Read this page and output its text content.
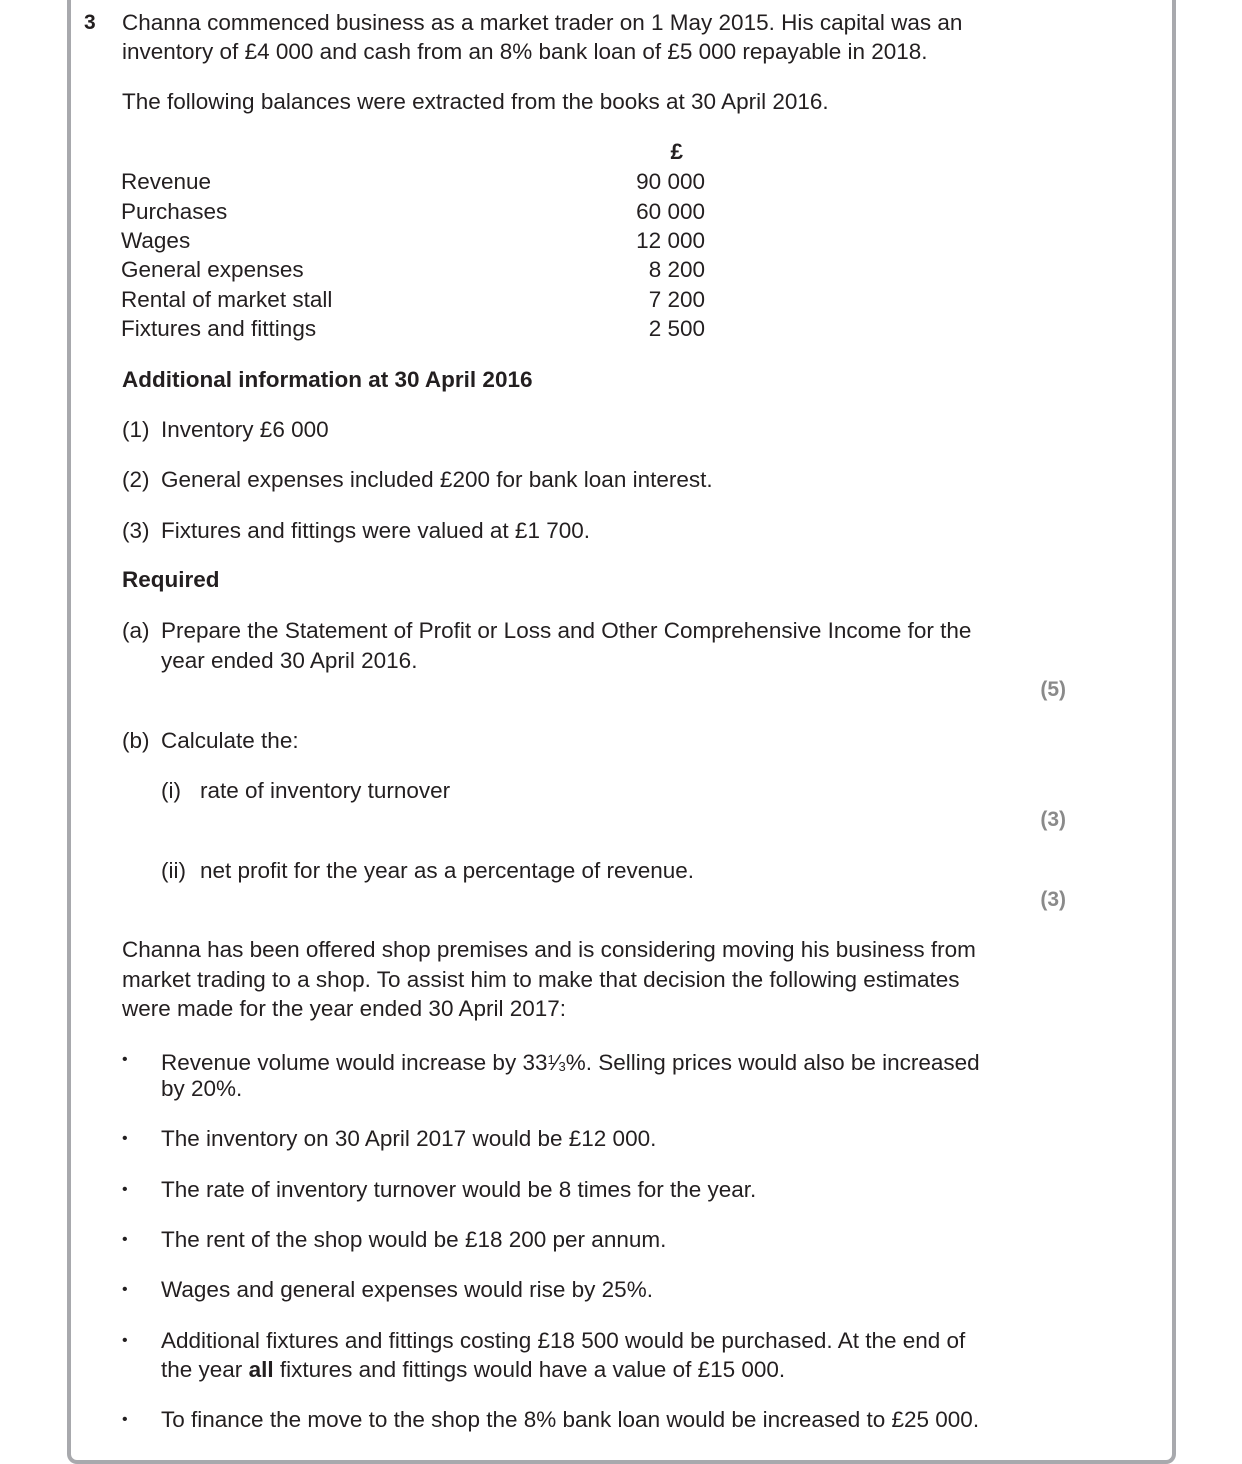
3 Channa commenced business as a market trader on 1 May 2015. His capital was an
inventory of £4 000 and cash from an 8% bank loan of £5 000 repayable in 2018.
The following balances were extracted from the books at 30 April 2016.
£
Revenue	90 000
Purchases	60 000
Wages	12 000
General expenses	8 200
Rental of market stall	7 200
Fixtures and fittings	2 500
Additional information at 30 April 2016
(1) Inventory £6 000
(2) General expenses included £200 for bank loan interest.
(3) Fixtures and fittings were valued at £1 700.
Required
(a) Prepare the Statement of Profit or Loss and Other Comprehensive Income for the
year ended 30 April 2016.
(5)
(b) Calculate the:
(i) rate of inventory turnover
(3)
(ii) net profit for the year as a percentage of revenue.
(3)
Channa has been offered shop premises and is considering moving his business from
market trading to a shop. To assist him to make that decision the following estimates
were made for the year ended 30 April 2017:
• Revenue volume would increase by $33^1⁄_3\%$. Selling prices would also be increased
by 20%.
• The inventory on 30 April 2017 would be £12 000.
• The rate of inventory turnover would be 8 times for the year.
• The rent of the shop would be £18 200 per annum.
• Wages and general expenses would rise by 25%.
• Additional fixtures and fittings costing £18 500 would be purchased. At the end of
the year all fixtures and fittings would have a value of £15 000.
• To finance the move to the shop the 8% bank loan would be increased to £25 000.
